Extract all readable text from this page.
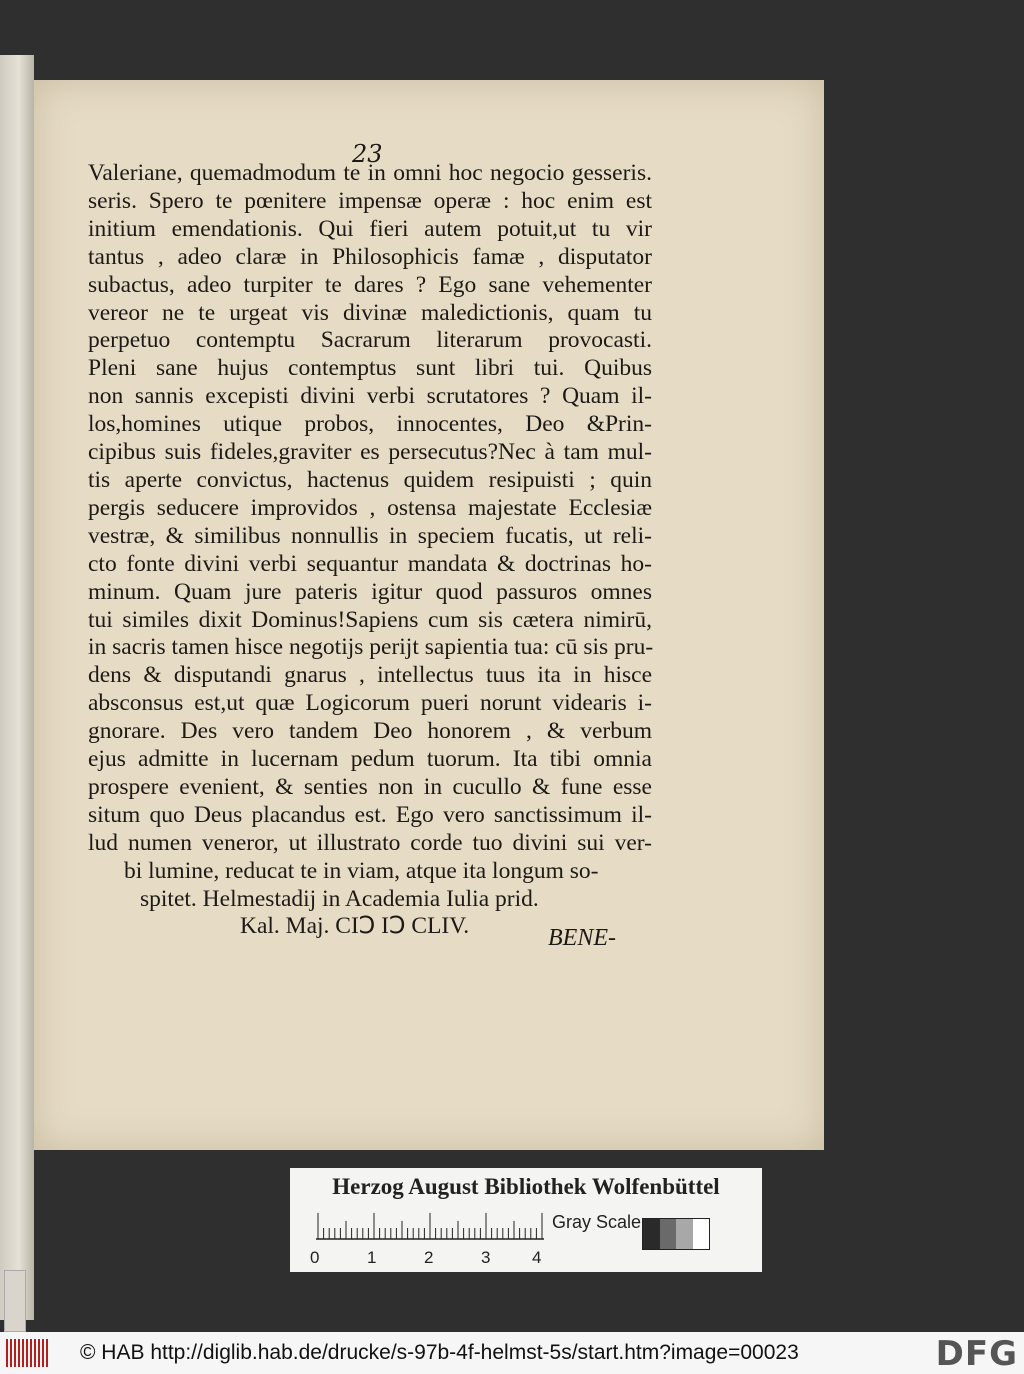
23
Valeriane, quemadmodum te in omni hoc negocio gesseris.
seris. Spero te pœnitere impensæ operæ : hoc enim est
initium emendationis. Qui fieri autem potuit,ut tu vir
tantus , adeo claræ in Philosophicis famæ , disputator
subactus, adeo turpiter te dares ? Ego sane vehementer
vereor ne te urgeat vis divinæ maledictionis, quam tu
perpetuo contemptu Sacrarum literarum provocasti.
Pleni sane hujus contemptus sunt libri tui. Quibus
non sannis excepisti divini verbi scrutatores ? Quam il-
los,homines utique probos, innocentes, Deo &Prin-
cipibus suis fideles,graviter es persecutus?Nec à tam mul-
tis aperte convictus, hactenus quidem resipuisti ; quin
pergis seducere improvidos , ostensa majestate Ecclesiæ
vestræ, & similibus nonnullis in speciem fucatis, ut reli-
cto fonte divini verbi sequantur mandata & doctrinas ho-
minum. Quam jure pateris igitur quod passuros omnes
tui similes dixit Dominus!Sapiens cum sis cætera nimirū,
in sacris tamen hisce negotijs perijt sapientia tua: cū sis pru-
dens & disputandi gnarus , intellectus tuus ita in hisce
absconsus est,ut quæ Logicorum pueri norunt videaris i-
gnorare. Des vero tandem Deo honorem , & verbum
ejus admitte in lucernam pedum tuorum. Ita tibi omnia
prospere evenient, & senties non in cucullo & fune esse
situm quo Deus placandus est. Ego vero sanctissimum il-
lud numen veneror, ut illustrato corde tuo divini sui ver-
bi lumine, reducat te in viam, atque ita longum so-
spitet. Helmestadij in Academia Iulia prid.
Kal. Maj. CIↃ IↃ CLIV.	BENE-
Herzog August Bibliothek Wolfenbüttel
0	1	2	3 4
Gray Scale
© HAB http://diglib.hab.de/drucke/s-97b-4f-helmst-5s/start.htm?image=00023	DFG
